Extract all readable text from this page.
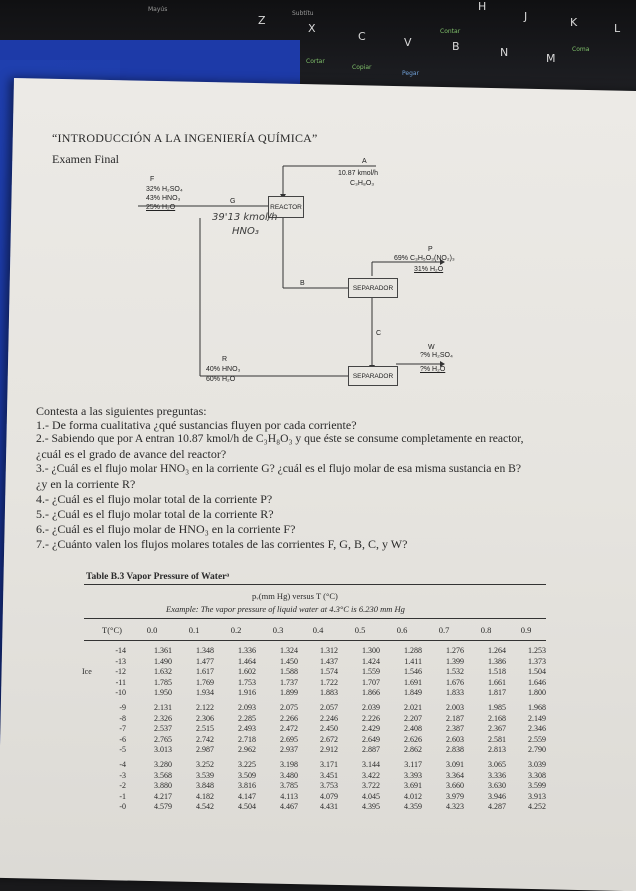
Mayús
Z
X
Subtítu
C	V
Contar
B	N	M
Coma
H
J	K	L
Cortar
Copiar
Pegar
“INTRODUCCIÓN A LA INGENIERÍA QUÍMICA”
Examen Final
REACTOR
SEPARADOR
SEPARADOR
F
32% H₂SO₄
43% HNO₃
25% H₂O
G
39'13 kmol/h
HNO₃
A
10.87 kmol/h
C₃H₈O₃
B
P
69% C₃H₅O₃(NO₂)₃
31% H₂O
C
W
?% H₂SO₄
?% H₂O
R
40% HNO₃
60% H₂O
Contesta a las siguientes preguntas:
1.- De forma cualitativa ¿qué sustancias fluyen por cada corriente?
2.- Sabiendo que por A entran 10.87 kmol/h de C₃H₈O₃ y que éste se consume completamente en reactor,
¿cuál es el grado de avance del reactor?
3.- ¿Cuál es el flujo molar HNO₃ en la corriente G? ¿cuál es el flujo molar de esa misma sustancia en B?
¿y en la corriente R?
4.- ¿Cuál es el flujo molar total de la corriente P?
5.- ¿Cuál es el flujo molar total de la corriente R?
6.- ¿Cuál es el flujo molar de HNO₃ en la corriente F?
7.- ¿Cuánto valen los flujos molares totales de las corrientes F, G, B, C, y W?
Table B.3 Vapor Pressure of Waterᵃ
pᵥ(mm Hg) versus T (°C)
Example: The vapor pressure of liquid water at 4.3°C is 6.230 mm Hg
T(°C)	0.0	0.1	0.2	0.3	0.4	0.5	0.6	0.7	0.8	0.9
-14	1.361	1.348	1.336	1.324	1.312	1.300	1.288	1.276	1.264	1.253
-13	1.490	1.477	1.464	1.450	1.437	1.424	1.411	1.399	1.386	1.373
-12	1.632	1.617	1.602	1.588	1.574	1.559	1.546	1.532	1.518	1.504
-11	1.785	1.769	1.753	1.737	1.722	1.707	1.691	1.676	1.661	1.646
-10	1.950	1.934	1.916	1.899	1.883	1.866	1.849	1.833	1.817	1.800
-9	2.131	2.122	2.093	2.075	2.057	2.039	2.021	2.003	1.985	1.968
-8	2.326	2.306	2.285	2.266	2.246	2.226	2.207	2.187	2.168	2.149
-7	2.537	2.515	2.493	2.472	2.450	2.429	2.408	2.387	2.367	2.346
-6	2.765	2.742	2.718	2.695	2.672	2.649	2.626	2.603	2.581	2.559
-5	3.013	2.987	2.962	2.937	2.912	2.887	2.862	2.838	2.813	2.790
-4	3.280	3.252	3.225	3.198	3.171	3.144	3.117	3.091	3.065	3.039
-3	3.568	3.539	3.509	3.480	3.451	3.422	3.393	3.364	3.336	3.308
-2	3.880	3.848	3.816	3.785	3.753	3.722	3.691	3.660	3.630	3.599
-1	4.217	4.182	4.147	4.113	4.079	4.045	4.012	3.979	3.946	3.913
-0	4.579	4.542	4.504	4.467	4.431	4.395	4.359	4.323	4.287	4.252
Ice
